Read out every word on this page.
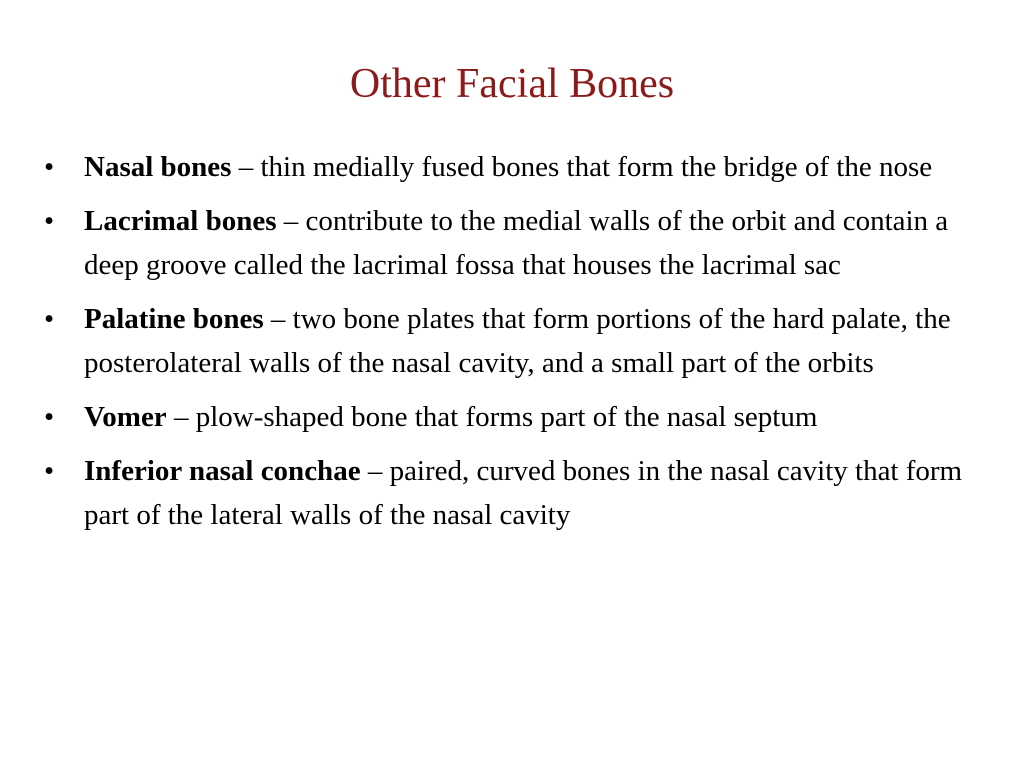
Other Facial Bones
•	Nasal bones – thin medially fused bones that form the bridge of the nose
•	Lacrimal bones – contribute to the medial walls of the orbit and contain a deep groove called the lacrimal fossa that houses the lacrimal sac
•	Palatine bones – two bone plates that form portions of the hard palate, the posterolateral walls of the nasal cavity, and a small part of the orbits
•	Vomer – plow-shaped bone that forms part of the nasal septum
•	Inferior nasal conchae – paired, curved bones in the nasal cavity that form part of the lateral walls of the nasal cavity
